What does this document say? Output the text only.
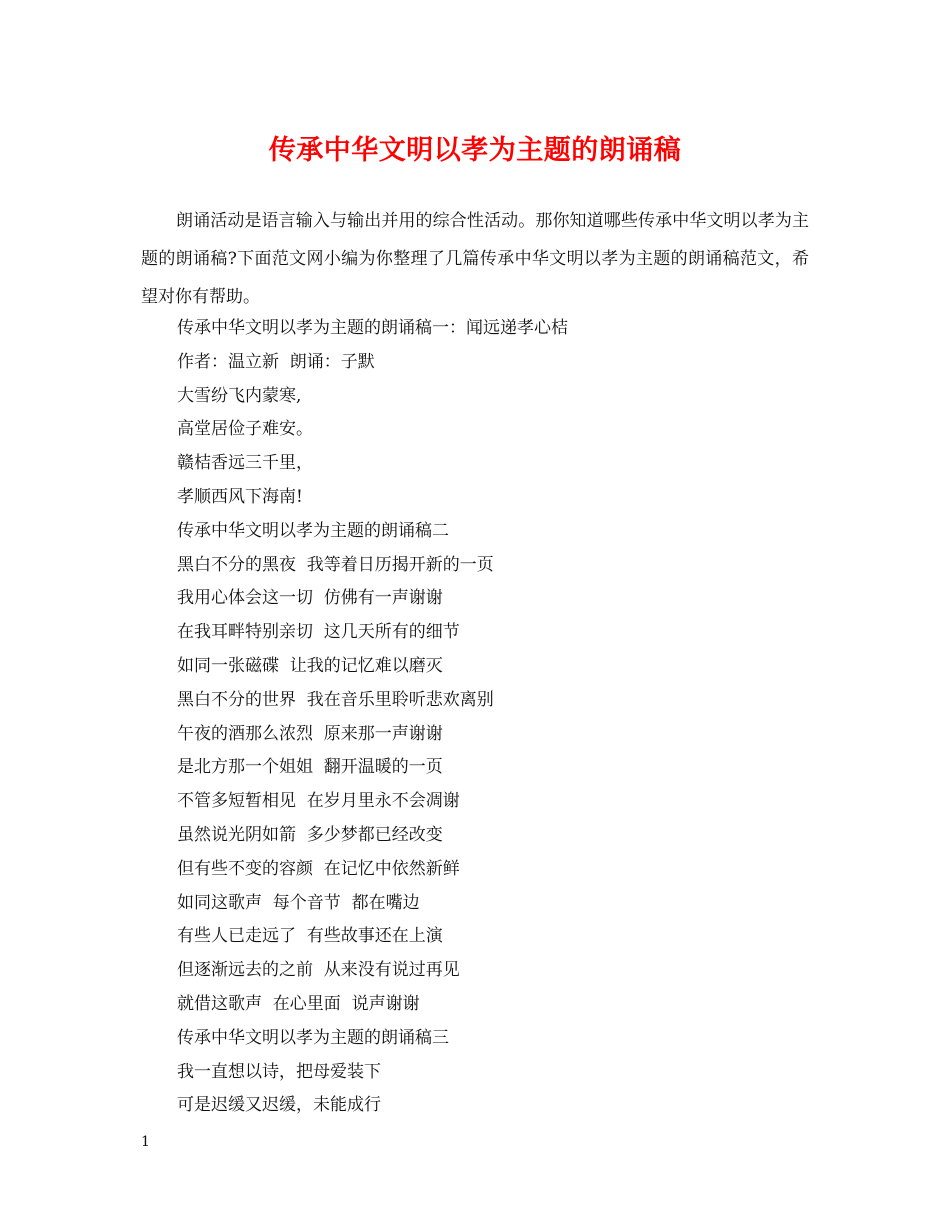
传承中华文明以孝为主题的朗诵稿

朗诵活动是语言输入与输出并用的综合性活动。那你知道哪些传承中华文明以孝为主题的朗诵稿?下面范文网小编为你整理了几篇传承中华文明以孝为主题的朗诵稿范文，希望对你有帮助。

传承中华文明以孝为主题的朗诵稿一：闻远递孝心桔
作者：温立新  朗诵：子默
大雪纷飞内蒙寒,
高堂居俭子难安。
赣桔香远三千里，
孝顺西风下海南!
传承中华文明以孝为主题的朗诵稿二
黑白不分的黑夜  我等着日历揭开新的一页
我用心体会这一切  仿佛有一声谢谢
在我耳畔特别亲切  这几天所有的细节
如同一张磁碟  让我的记忆难以磨灭
黑白不分的世界  我在音乐里聆听悲欢离别
午夜的酒那么浓烈  原来那一声谢谢
是北方那一个姐姐  翻开温暖的一页
不管多短暂相见  在岁月里永不会凋谢
虽然说光阴如箭  多少梦都已经改变
但有些不变的容颜  在记忆中依然新鲜
如同这歌声  每个音节  都在嘴边
有些人已走远了  有些故事还在上演
但逐渐远去的之前  从来没有说过再见
就借这歌声  在心里面  说声谢谢
传承中华文明以孝为主题的朗诵稿三
我一直想以诗，把母爱装下
可是迟缓又迟缓，未能成行
1
